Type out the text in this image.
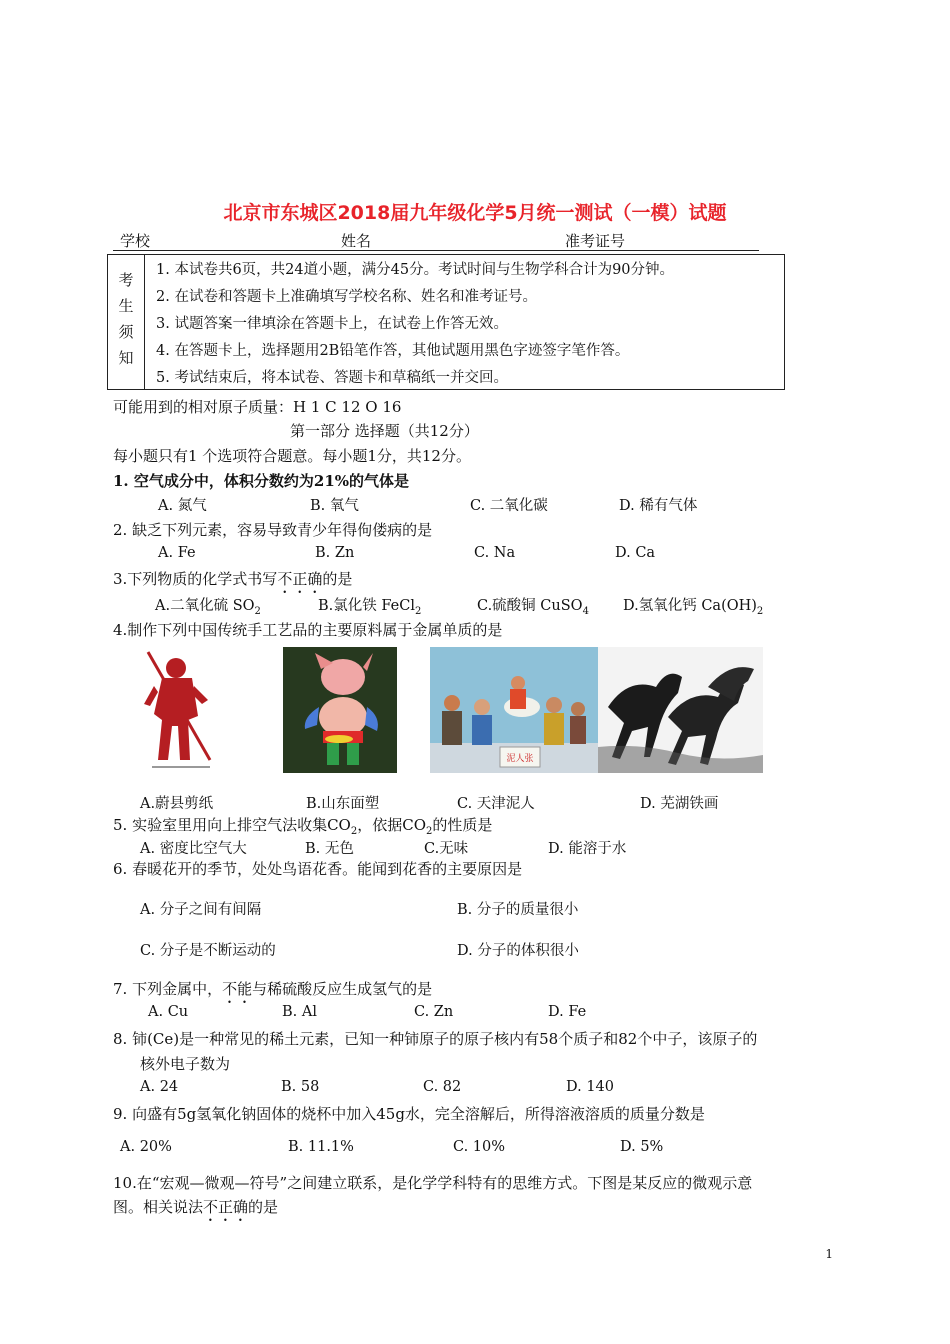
北京市东城区2018届九年级化学5月统一测试（一模）试题
学校	姓名	准考证号
考
生
须
知
1. 本试卷共6页，共24道小题，满分45分。考试时间与生物学科合计为90分钟。
2. 在试卷和答题卡上准确填写学校名称、姓名和准考证号。
3. 试题答案一律填涂在答题卡上，在试卷上作答无效。
4. 在答题卡上，选择题用2B铅笔作答，其他试题用黑色字迹签字笔作答。
5. 考试结束后，将本试卷、答题卡和草稿纸一并交回。
可能用到的相对原子质量：H 1 C 12 O 16
第一部分 选择题（共12分）
每小题只有1 个选项符合题意。每小题1分，共12分。
1. 空气成分中，体积分数约为21%的气体是
A. 氮气	B. 氧气	C. 二氧化碳	D. 稀有气体
2. 缺乏下列元素，容易导致青少年得佝偻病的是
A. Fe	B. Zn	C. Na	D. Ca
3.下列物质的化学式书写不正确的是
A.二氧化硫 $SO_2$	B.氯化铁 FeCl$_2$	C.硫酸铜 CuSO$_4$ D.氢氧化钙 $Ca(OH)_2$
4.制作下列中国传统手工艺品的主要原料属于金属单质的是
泥人张
A.蔚县剪纸	B.山东面塑	C. 天津泥人	D. 芜湖铁画
5. 实验室里用向上排空气法收集$CO_2$，依据$CO_2$的性质是
A. 密度比空气大	B. 无色	C.无味	D. 能溶于水
6. 春暖花开的季节，处处鸟语花香。能闻到花香的主要原因是
A. 分子之间有间隔	B. 分子的质量很小
C. 分子是不断运动的	D. 分子的体积很小
7. 下列金属中，不能与稀硫酸反应生成氢气的是
A. Cu	B. Al	C. Zn	D. Fe
8. 铈(Ce)是一种常见的稀土元素，已知一种铈原子的原子核内有58个质子和82个中子，该原子的
核外电子数为
A. 24	B. 58	C. 82	D. 140
9. 向盛有5g氢氧化钠固体的烧杯中加入45g水，完全溶解后，所得溶液溶质的质量分数是
A. 20%	B. 11.1%	C. 10%	D. 5%
10.在“宏观—微观—符号”之间建立联系，是化学学科特有的思维方式。下图是某反应的微观示意
图。相关说法不正确的是
1
